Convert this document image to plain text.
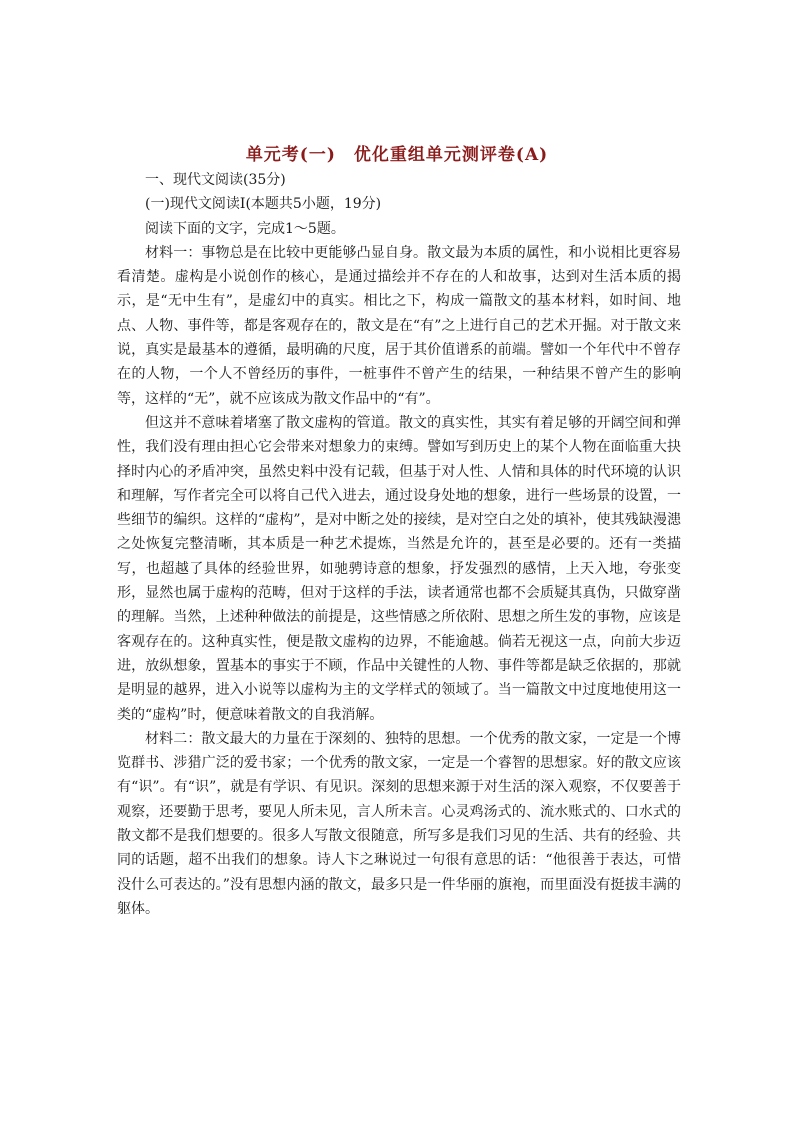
单元考(一)　优化重组单元测评卷(A)

一、现代文阅读(35分)

(一)现代文阅读Ⅰ(本题共5小题，19分)

阅读下面的文字，完成1～5题。

材料一：事物总是在比较中更能够凸显自身。散文最为本质的属性，和小说相比更容易看清楚。虚构是小说创作的核心，是通过描绘并不存在的人和故事，达到对生活本质的揭示，是“无中生有”，是虚幻中的真实。相比之下，构成一篇散文的基本材料，如时间、地点、人物、事件等，都是客观存在的，散文是在“有”之上进行自己的艺术开掘。对于散文来说，真实是最基本的遵循，最明确的尺度，居于其价值谱系的前端。譬如一个年代中不曾存在的人物，一个人不曾经历的事件，一桩事件不曾产生的结果，一种结果不曾产生的影响等，这样的“无”，就不应该成为散文作品中的“有”。

但这并不意味着堵塞了散文虚构的管道。散文的真实性，其实有着足够的开阔空间和弹性，我们没有理由担心它会带来对想象力的束缚。譬如写到历史上的某个人物在面临重大抉择时内心的矛盾冲突，虽然史料中没有记载，但基于对人性、人情和具体的时代环境的认识和理解，写作者完全可以将自己代入进去，通过设身处地的想象，进行一些场景的设置，一些细节的编织。这样的“虚构”，是对中断之处的接续，是对空白之处的填补，使其残缺漫漶之处恢复完整清晰，其本质是一种艺术提炼，当然是允许的，甚至是必要的。还有一类描写，也超越了具体的经验世界，如驰骋诗意的想象，抒发强烈的感情，上天入地，夸张变形，显然也属于虚构的范畴，但对于这样的手法，读者通常也都不会质疑其真伪，只做穿凿的理解。当然，上述种种做法的前提是，这些情感之所依附、思想之所生发的事物，应该是客观存在的。这种真实性，便是散文虚构的边界，不能逾越。倘若无视这一点，向前大步迈进，放纵想象，置基本的事实于不顾，作品中关键性的人物、事件等都是缺乏依据的，那就是明显的越界，进入小说等以虚构为主的文学样式的领域了。当一篇散文中过度地使用这一类的“虚构”时，便意味着散文的自我消解。

材料二：散文最大的力量在于深刻的、独特的思想。一个优秀的散文家，一定是一个博览群书、涉猎广泛的爱书家；一个优秀的散文家，一定是一个睿智的思想家。好的散文应该有“识”。有“识”，就是有学识、有见识。深刻的思想来源于对生活的深入观察，不仅要善于观察，还要勤于思考，要见人所未见，言人所未言。心灵鸡汤式的、流水账式的、口水式的散文都不是我们想要的。很多人写散文很随意，所写多是我们习见的生活、共有的经验、共同的话题，超不出我们的想象。诗人卞之琳说过一句很有意思的话：“他很善于表达，可惜没什么可表达的。”没有思想内涵的散文，最多只是一件华丽的旗袍，而里面没有挺拔丰满的躯体。
